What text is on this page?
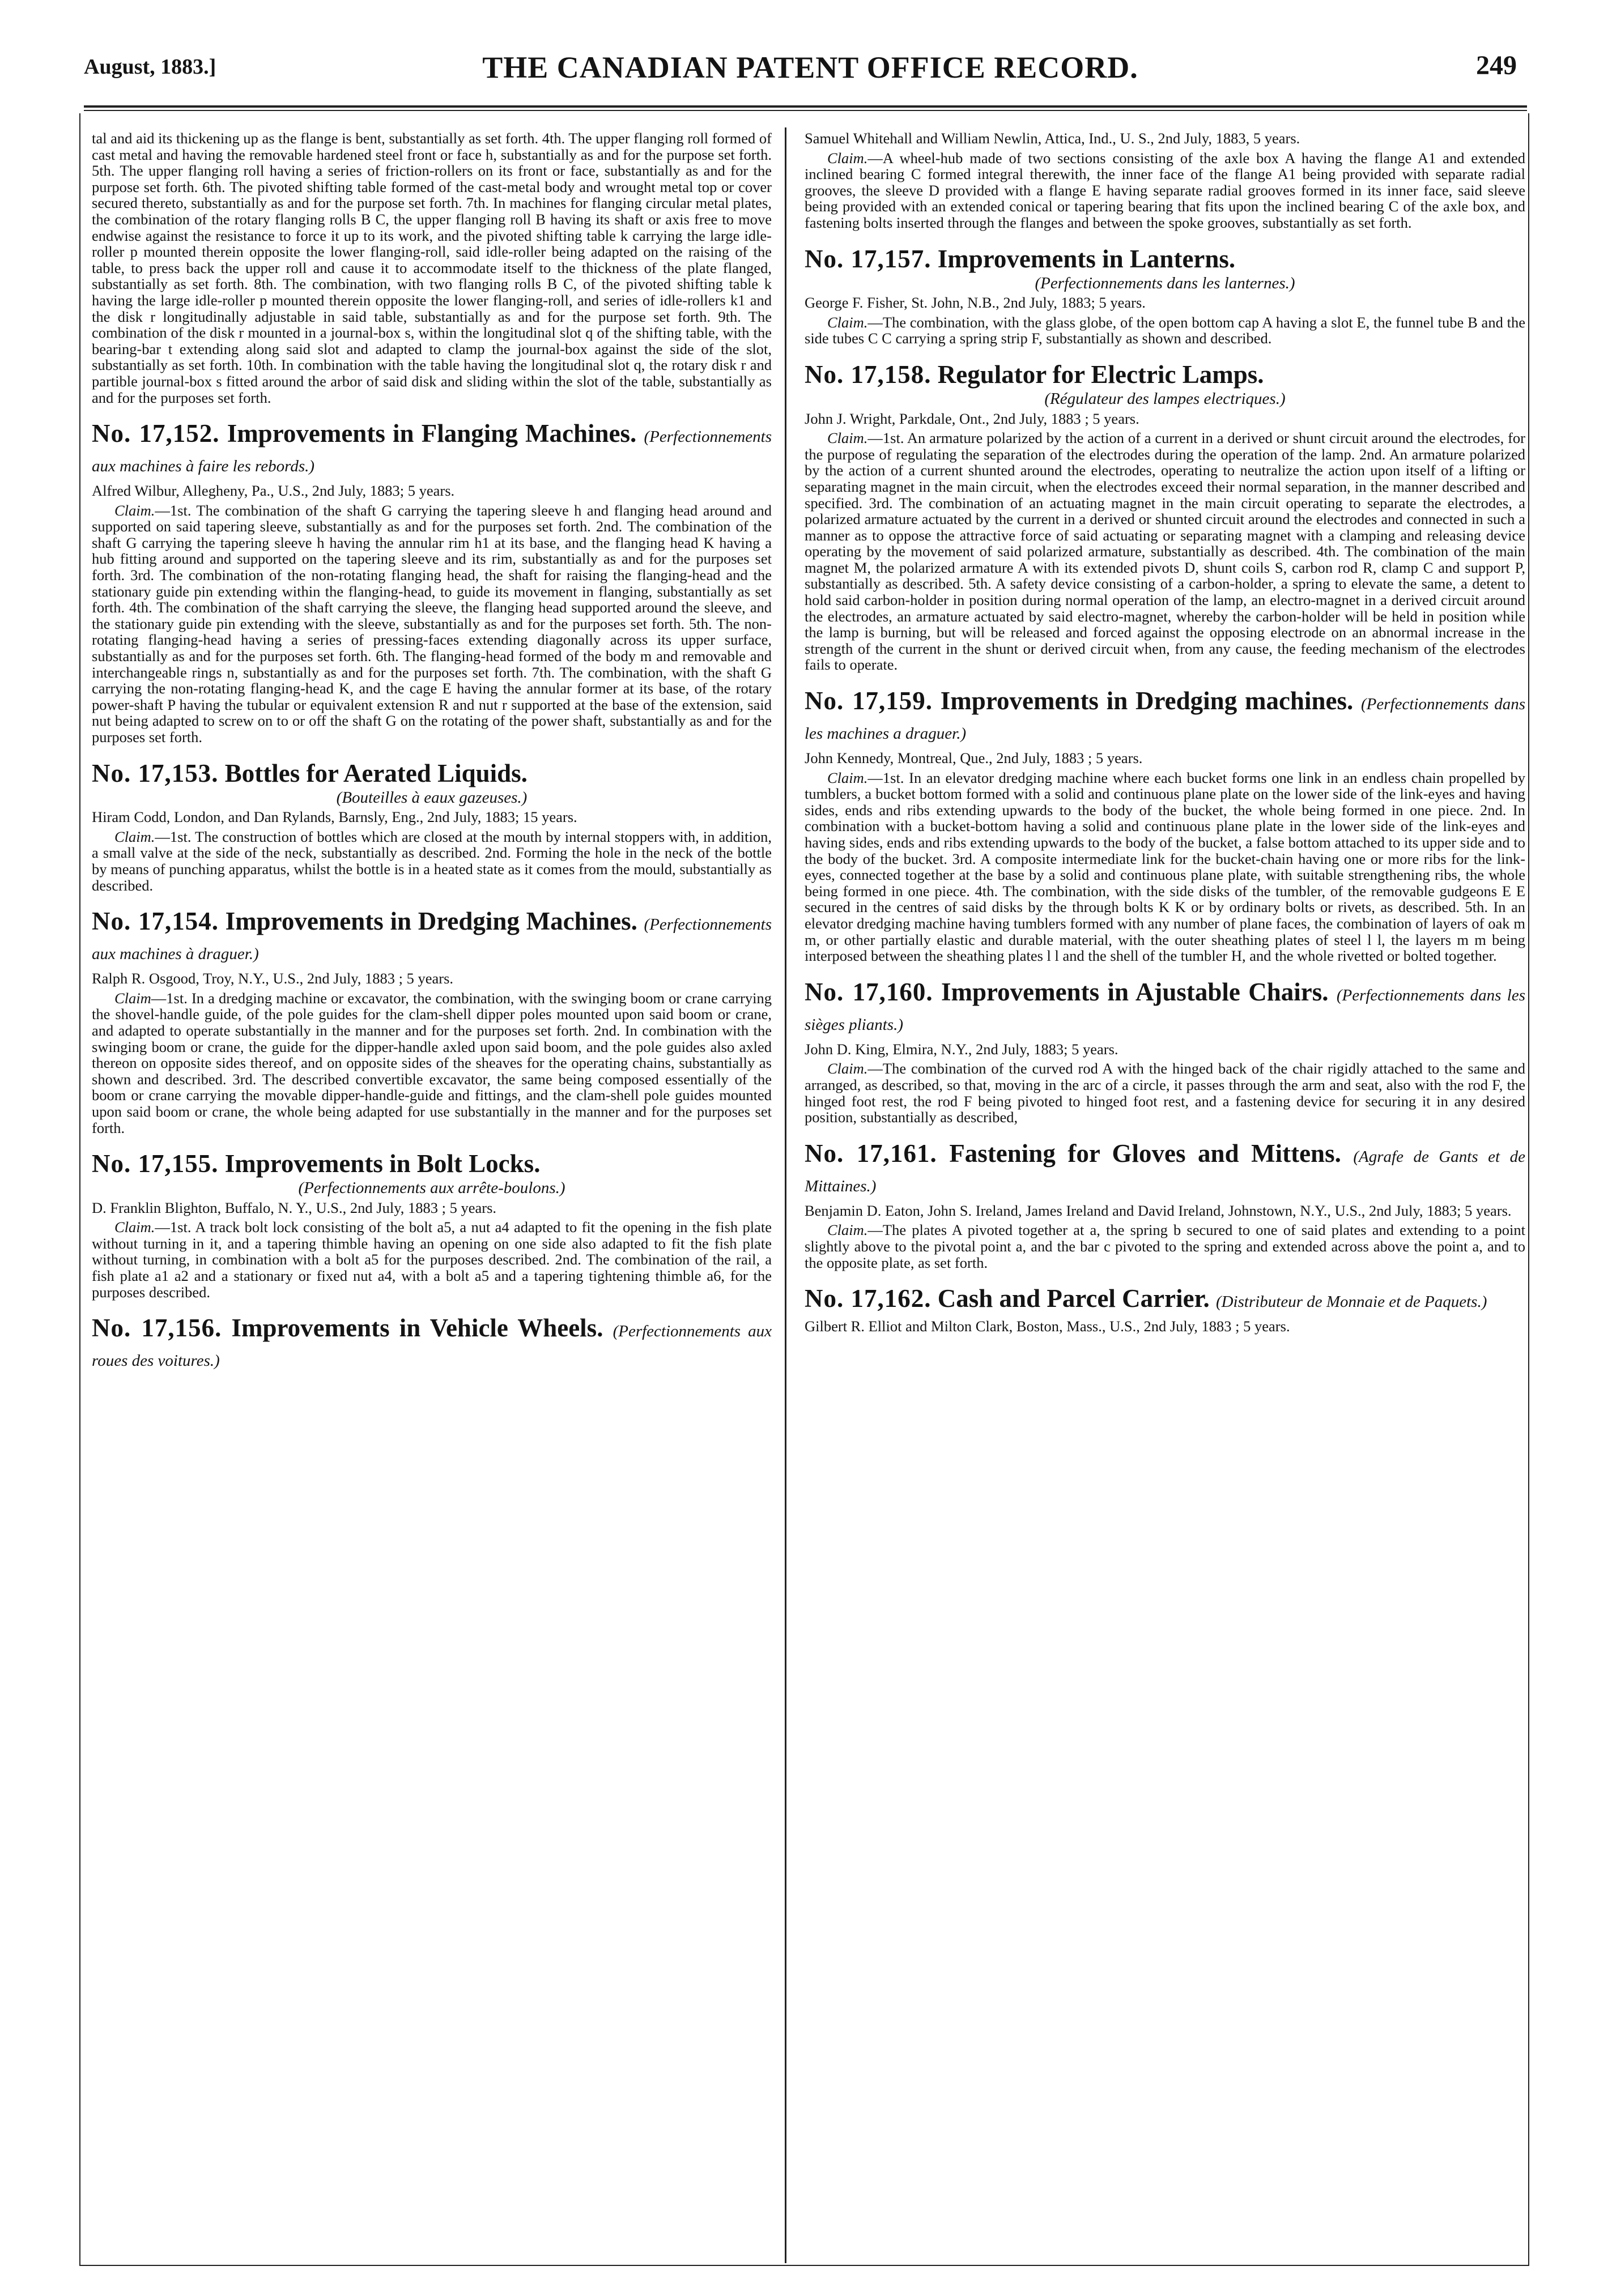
August, 1883.]	THE CANADIAN PATENT OFFICE RECORD.	249

tal and aid its thickening up as the flange is bent, substantially as set forth. 4th. The upper flanging roll formed of cast metal and having the removable hardened steel front or face h, substantially as and for the purpose set forth. 5th. The upper flanging roll having a series of friction-rollers on its front or face, substantially as and for the purpose set forth. 6th. The pivoted shifting table formed of the cast-metal body and wrought metal top or cover secured thereto, substantially as and for the purpose set forth. 7th. In machines for flanging circular metal plates, the combination of the rotary flanging rolls B C, the upper flanging roll B having its shaft or axis free to move endwise against the resistance to force it up to its work, and the pivoted shifting table k carrying the large idle-roller p mounted therein opposite the lower flanging-roll, said idle-roller being adapted on the raising of the table, to press back the upper roll and cause it to accommodate itself to the thickness of the plate flanged, substantially as set forth. 8th. The combination, with two flanging rolls B C, of the pivoted shifting table k having the large idle-roller p mounted therein opposite the lower flanging-roll, and series of idle-rollers k1 and the disk r longitudinally adjustable in said table, substantially as and for the purpose set forth. 9th. The combination of the disk r mounted in a journal-box s, within the longitudinal slot q of the shifting table, with the bearing-bar t extending along said slot and adapted to clamp the journal-box against the side of the slot, substantially as set forth. 10th. In combination with the table having the longitudinal slot q, the rotary disk r and partible journal-box s fitted around the arbor of said disk and sliding within the slot of the table, substantially as and for the purposes set forth.

No. 17,152. Improvements in Flanging Machines. (Perfectionnements aux machines à faire les rebords.)

Alfred Wilbur, Allegheny, Pa., U.S., 2nd July, 1883; 5 years.

Claim.—1st. The combination of the shaft G carrying the tapering sleeve h and flanging head around and supported on said tapering sleeve, substantially as and for the purposes set forth. 2nd. The combination of the shaft G carrying the tapering sleeve h having the annular rim h1 at its base, and the flanging head K having a hub fitting around and supported on the tapering sleeve and its rim, substantially as and for the purposes set forth. 3rd. The combination of the non-rotating flanging head, the shaft for raising the flanging-head and the stationary guide pin extending within the flanging-head, to guide its movement in flanging, substantially as set forth. 4th. The combination of the shaft carrying the sleeve, the flanging head supported around the sleeve, and the stationary guide pin extending with the sleeve, substantially as and for the purposes set forth. 5th. The non-rotating flanging-head having a series of pressing-faces extending diagonally across its upper surface, substantially as and for the purposes set forth. 6th. The flanging-head formed of the body m and removable and interchangeable rings n, substantially as and for the purposes set forth. 7th. The combination, with the shaft G carrying the non-rotating flanging-head K, and the cage E having the annular former at its base, of the rotary power-shaft P having the tubular or equivalent extension R and nut r supported at the base of the extension, said nut being adapted to screw on to or off the shaft G on the rotating of the power shaft, substantially as and for the purposes set forth.

No. 17,153. Bottles for Aerated Liquids.
(Bouteilles à eaux gazeuses.)

Hiram Codd, London, and Dan Rylands, Barnsly, Eng., 2nd July, 1883; 15 years.

Claim.—1st. The construction of bottles which are closed at the mouth by internal stoppers with, in addition, a small valve at the side of the neck, substantially as described. 2nd. Forming the hole in the neck of the bottle by means of punching apparatus, whilst the bottle is in a heated state as it comes from the mould, substantially as described.

No. 17,154. Improvements in Dredging Machines. (Perfectionnements aux machines à draguer.)

Ralph R. Osgood, Troy, N.Y., U.S., 2nd July, 1883 ; 5 years.

Claim—1st. In a dredging machine or excavator, the combination, with the swinging boom or crane carrying the shovel-handle guide, of the pole guides for the clam-shell dipper poles mounted upon said boom or crane, and adapted to operate substantially in the manner and for the purposes set forth. 2nd. In combination with the swinging boom or crane, the guide for the dipper-handle axled upon said boom, and the pole guides also axled thereon on opposite sides thereof, and on opposite sides of the sheaves for the operating chains, substantially as shown and described. 3rd. The described convertible excavator, the same being composed essentially of the boom or crane carrying the movable dipper-handle-guide and fittings, and the clam-shell pole guides mounted upon said boom or crane, the whole being adapted for use substantially in the manner and for the purposes set forth.

No. 17,155. Improvements in Bolt Locks.
(Perfectionnements aux arrête-boulons.)

D. Franklin Blighton, Buffalo, N. Y., U.S., 2nd July, 1883 ; 5 years.

Claim.—1st. A track bolt lock consisting of the bolt a5, a nut a4 adapted to fit the opening in the fish plate without turning in it, and a tapering thimble having an opening on one side also adapted to fit the fish plate without turning, in combination with a bolt a5 for the purposes described. 2nd. The combination of the rail, a fish plate a1 a2 and a stationary or fixed nut a4, with a bolt a5 and a tapering tightening thimble a6, for the purposes described.

No. 17,156. Improvements in Vehicle Wheels. (Perfectionnements aux roues des voitures.)

Samuel Whitehall and William Newlin, Attica, Ind., U. S., 2nd July, 1883, 5 years.

Claim.—A wheel-hub made of two sections consisting of the axle box A having the flange A1 and extended inclined bearing C formed integral therewith, the inner face of the flange A1 being provided with separate radial grooves, the sleeve D provided with a flange E having separate radial grooves formed in its inner face, said sleeve being provided with an extended conical or tapering bearing that fits upon the inclined bearing C of the axle box, and fastening bolts inserted through the flanges and between the spoke grooves, substantially as set forth.

No. 17,157. Improvements in Lanterns.
(Perfectionnements dans les lanternes.)

George F. Fisher, St. John, N.B., 2nd July, 1883; 5 years.

Claim.—The combination, with the glass globe, of the open bottom cap A having a slot E, the funnel tube B and the side tubes C C carrying a spring strip F, substantially as shown and described.

No. 17,158. Regulator for Electric Lamps.
(Régulateur des lampes electriques.)

John J. Wright, Parkdale, Ont., 2nd July, 1883 ; 5 years.

Claim.—1st. An armature polarized by the action of a current in a derived or shunt circuit around the electrodes, for the purpose of regulating the separation of the electrodes during the operation of the lamp. 2nd. An armature polarized by the action of a current shunted around the electrodes, operating to neutralize the action upon itself of a lifting or separating magnet in the main circuit, when the electrodes exceed their normal separation, in the manner described and specified. 3rd. The combination of an actuating magnet in the main circuit operating to separate the electrodes, a polarized armature actuated by the current in a derived or shunted circuit around the electrodes and connected in such a manner as to oppose the attractive force of said actuating or separating magnet with a clamping and releasing device operating by the movement of said polarized armature, substantially as described. 4th. The combination of the main magnet M, the polarized armature A with its extended pivots D, shunt coils S, carbon rod R, clamp C and support P, substantially as described. 5th. A safety device consisting of a carbon-holder, a spring to elevate the same, a detent to hold said carbon-holder in position during normal operation of the lamp, an electro-magnet in a derived circuit around the electrodes, an armature actuated by said electro-magnet, whereby the carbon-holder will be held in position while the lamp is burning, but will be released and forced against the opposing electrode on an abnormal increase in the strength of the current in the shunt or derived circuit when, from any cause, the feeding mechanism of the electrodes fails to operate.

No. 17,159. Improvements in Dredging machines. (Perfectionnements dans les machines a draguer.)

John Kennedy, Montreal, Que., 2nd July, 1883 ; 5 years.

Claim.—1st. In an elevator dredging machine where each bucket forms one link in an endless chain propelled by tumblers, a bucket bottom formed with a solid and continuous plane plate on the lower side of the link-eyes and having sides, ends and ribs extending upwards to the body of the bucket, the whole being formed in one piece. 2nd. In combination with a bucket-bottom having a solid and continuous plane plate in the lower side of the link-eyes and having sides, ends and ribs extending upwards to the body of the bucket, a false bottom attached to its upper side and to the body of the bucket. 3rd. A composite intermediate link for the bucket-chain having one or more ribs for the link-eyes, connected together at the base by a solid and continuous plane plate, with suitable strengthening ribs, the whole being formed in one piece. 4th. The combination, with the side disks of the tumbler, of the removable gudgeons E E secured in the centres of said disks by the through bolts K K or by ordinary bolts or rivets, as described. 5th. In an elevator dredging machine having tumblers formed with any number of plane faces, the combination of layers of oak m m, or other partially elastic and durable material, with the outer sheathing plates of steel l l, the layers m m being interposed between the sheathing plates l l and the shell of the tumbler H, and the whole rivetted or bolted together.

No. 17,160. Improvements in Ajustable Chairs. (Perfectionnements dans les sièges pliants.)

John D. King, Elmira, N.Y., 2nd July, 1883; 5 years.

Claim.—The combination of the curved rod A with the hinged back of the chair rigidly attached to the same and arranged, as described, so that, moving in the arc of a circle, it passes through the arm and seat, also with the rod F, the hinged foot rest, the rod F being pivoted to hinged foot rest, and a fastening device for securing it in any desired position, substantially as described,

No. 17,161. Fastening for Gloves and Mittens. (Agrafe de Gants et de Mittaines.)

Benjamin D. Eaton, John S. Ireland, James Ireland and David Ireland, Johnstown, N.Y., U.S., 2nd July, 1883; 5 years.

Claim.—The plates A pivoted together at a, the spring b secured to one of said plates and extending to a point slightly above to the pivotal point a, and the bar c pivoted to the spring and extended across above the point a, and to the opposite plate, as set forth.

No. 17,162. Cash and Parcel Carrier. (Distributeur de Monnaie et de Paquets.)

Gilbert R. Elliot and Milton Clark, Boston, Mass., U.S., 2nd July, 1883 ; 5 years.
